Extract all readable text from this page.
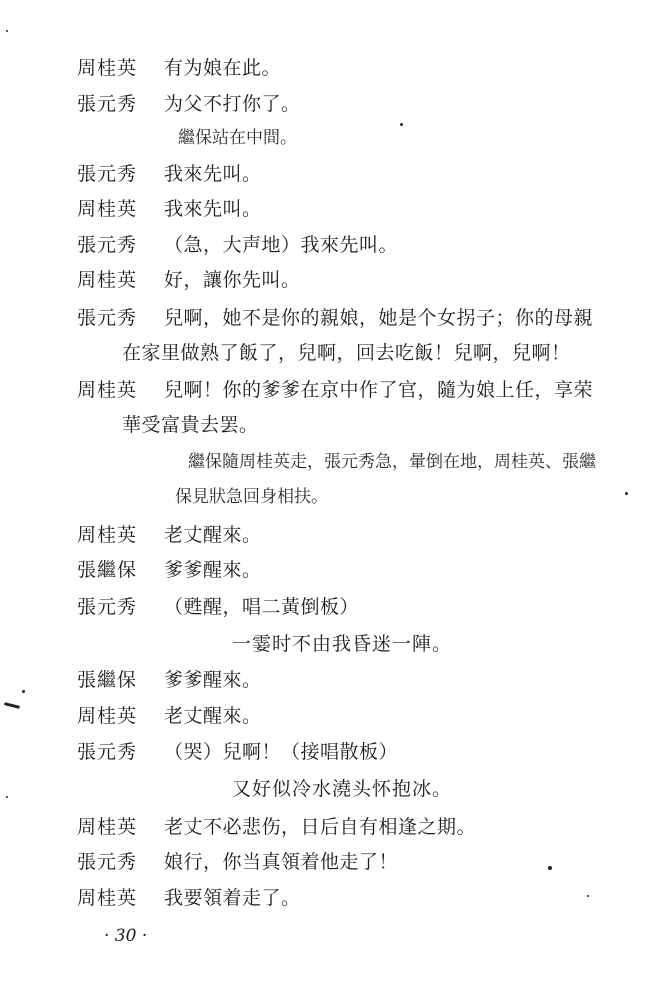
周桂英 有为娘在此。
張元秀 为父不打你了。
繼保站在中間。
張元秀 我來先叫。
周桂英 我來先叫。
張元秀 （急，大声地）我來先叫。
周桂英 好，讓你先叫。
張元秀 兒啊，她不是你的親娘，她是个女拐子；你的母親
在家里做熟了飯了，兒啊，回去吃飯！兒啊，兒啊！
周桂英 兒啊！你的爹爹在京中作了官，隨为娘上任，享荣
華受富貴去罢。
繼保隨周桂英走，張元秀急，暈倒在地，周桂英、張繼
保見狀急回身相扶。
周桂英 老丈醒來。
張繼保 爹爹醒來。
張元秀 （甦醒，唱二黃倒板）
一霎时不由我昏迷一陣。
張繼保 爹爹醒來。
周桂英 老丈醒來。
張元秀 （哭）兒啊！（接唱散板）
又好似冷水澆头怀抱冰。
周桂英 老丈不必悲伤，日后自有相逢之期。
張元秀 娘行，你当真領着他走了！
周桂英 我要領着走了。
· 30 ·
